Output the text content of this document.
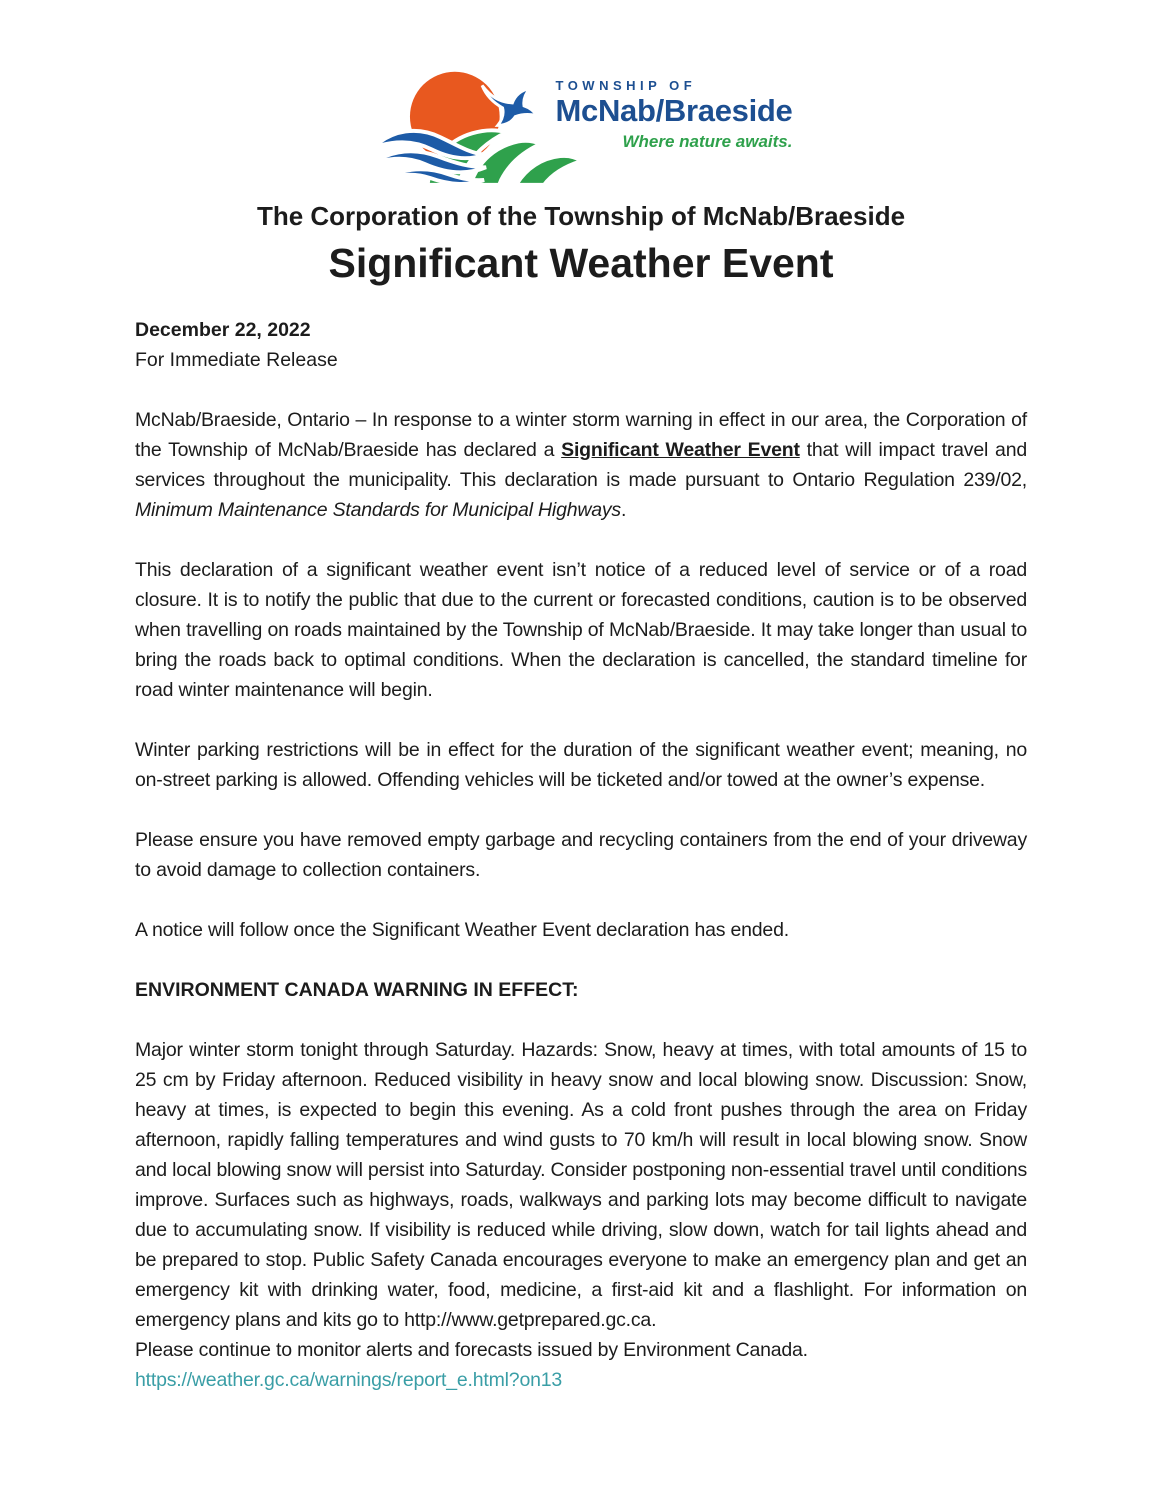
TOWNSHIP OF
McNab/Braeside
Where nature awaits.
The Corporation of the Township of McNab/Braeside
Significant Weather Event
December 22, 2022
For Immediate Release

McNab/Braeside, Ontario – In response to a winter storm warning in effect in our area, the Corporation of the Township of McNab/Braeside has declared a Significant Weather Event that will impact travel and services throughout the municipality. This declaration is made pursuant to Ontario Regulation 239/02, Minimum Maintenance Standards for Municipal Highways.

This declaration of a significant weather event isn’t notice of a reduced level of service or of a road closure. It is to notify the public that due to the current or forecasted conditions, caution is to be observed when travelling on roads maintained by the Township of McNab/Braeside. It may take longer than usual to bring the roads back to optimal conditions. When the declaration is cancelled, the standard timeline for road winter maintenance will begin.

Winter parking restrictions will be in effect for the duration of the significant weather event; meaning, no on-street parking is allowed. Offending vehicles will be ticketed and/or towed at the owner’s expense.

Please ensure you have removed empty garbage and recycling containers from the end of your driveway to avoid damage to collection containers.

A notice will follow once the Significant Weather Event declaration has ended.

ENVIRONMENT CANADA WARNING IN EFFECT:

Major winter storm tonight through Saturday. Hazards: Snow, heavy at times, with total amounts of 15 to 25 cm by Friday afternoon. Reduced visibility in heavy snow and local blowing snow. Discussion: Snow, heavy at times, is expected to begin this evening. As a cold front pushes through the area on Friday afternoon, rapidly falling temperatures and wind gusts to 70 km/h will result in local blowing snow. Snow and local blowing snow will persist into Saturday. Consider postponing non-essential travel until conditions improve. Surfaces such as highways, roads, walkways and parking lots may become difficult to navigate due to accumulating snow. If visibility is reduced while driving, slow down, watch for tail lights ahead and be prepared to stop. Public Safety Canada encourages everyone to make an emergency plan and get an emergency kit with drinking water, food, medicine, a first-aid kit and a flashlight. For information on emergency plans and kits go to http://www.getprepared.gc.ca.

Please continue to monitor alerts and forecasts issued by Environment Canada.

https://weather.gc.ca/warnings/report_e.html?on13
